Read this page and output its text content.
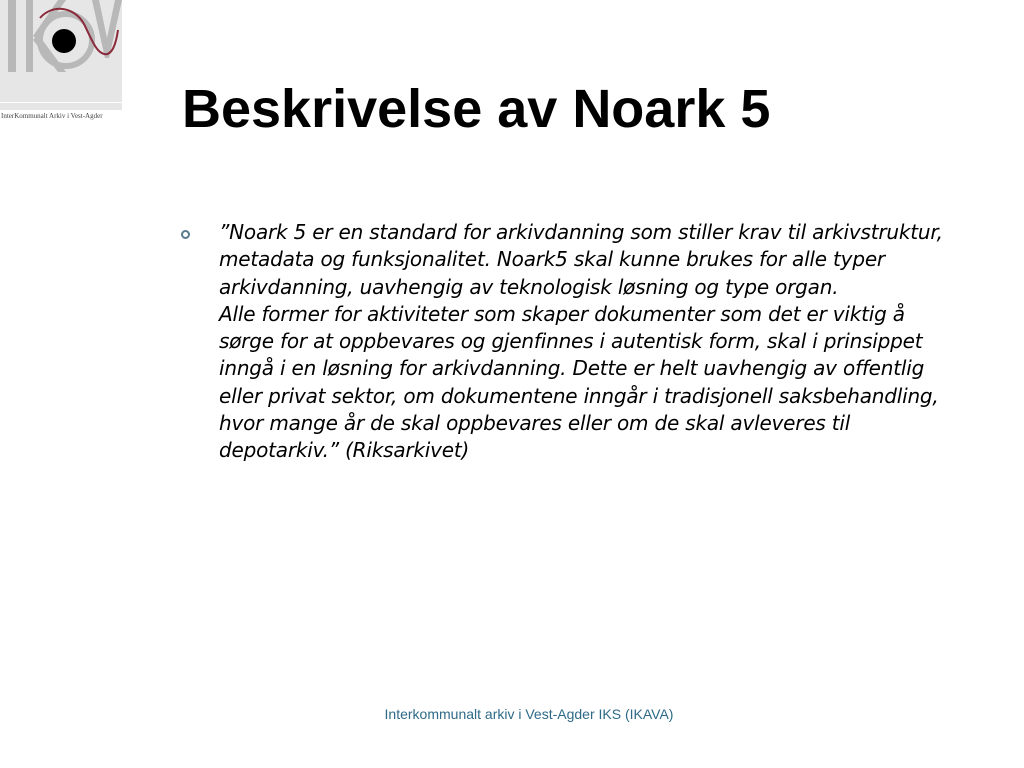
InterKommunalt Arkiv i Vest-Agder Beskrivelse av Noark 5

”Noark 5 er en standard for arkivdanning som stiller krav til arkivstruktur, metadata og funksjonalitet. Noark5 skal kunne brukes for alle typer arkivdanning, uavhengig av teknologisk løsning og type organ.

Alle former for aktiviteter som skaper dokumenter som det er viktig å sørge for at oppbevares og gjenfinnes i autentisk form, skal i prinsippet inngå i en løsning for arkivdanning. Dette er helt uavhengig av offentlig eller privat sektor, om dokumentene inngår i tradisjonell saksbehandling, hvor mange år de skal oppbevares eller om de skal avleveres til depotarkiv.” (Riksarkivet)

Interkommunalt arkiv i Vest-Agder IKS (IKAVA)
